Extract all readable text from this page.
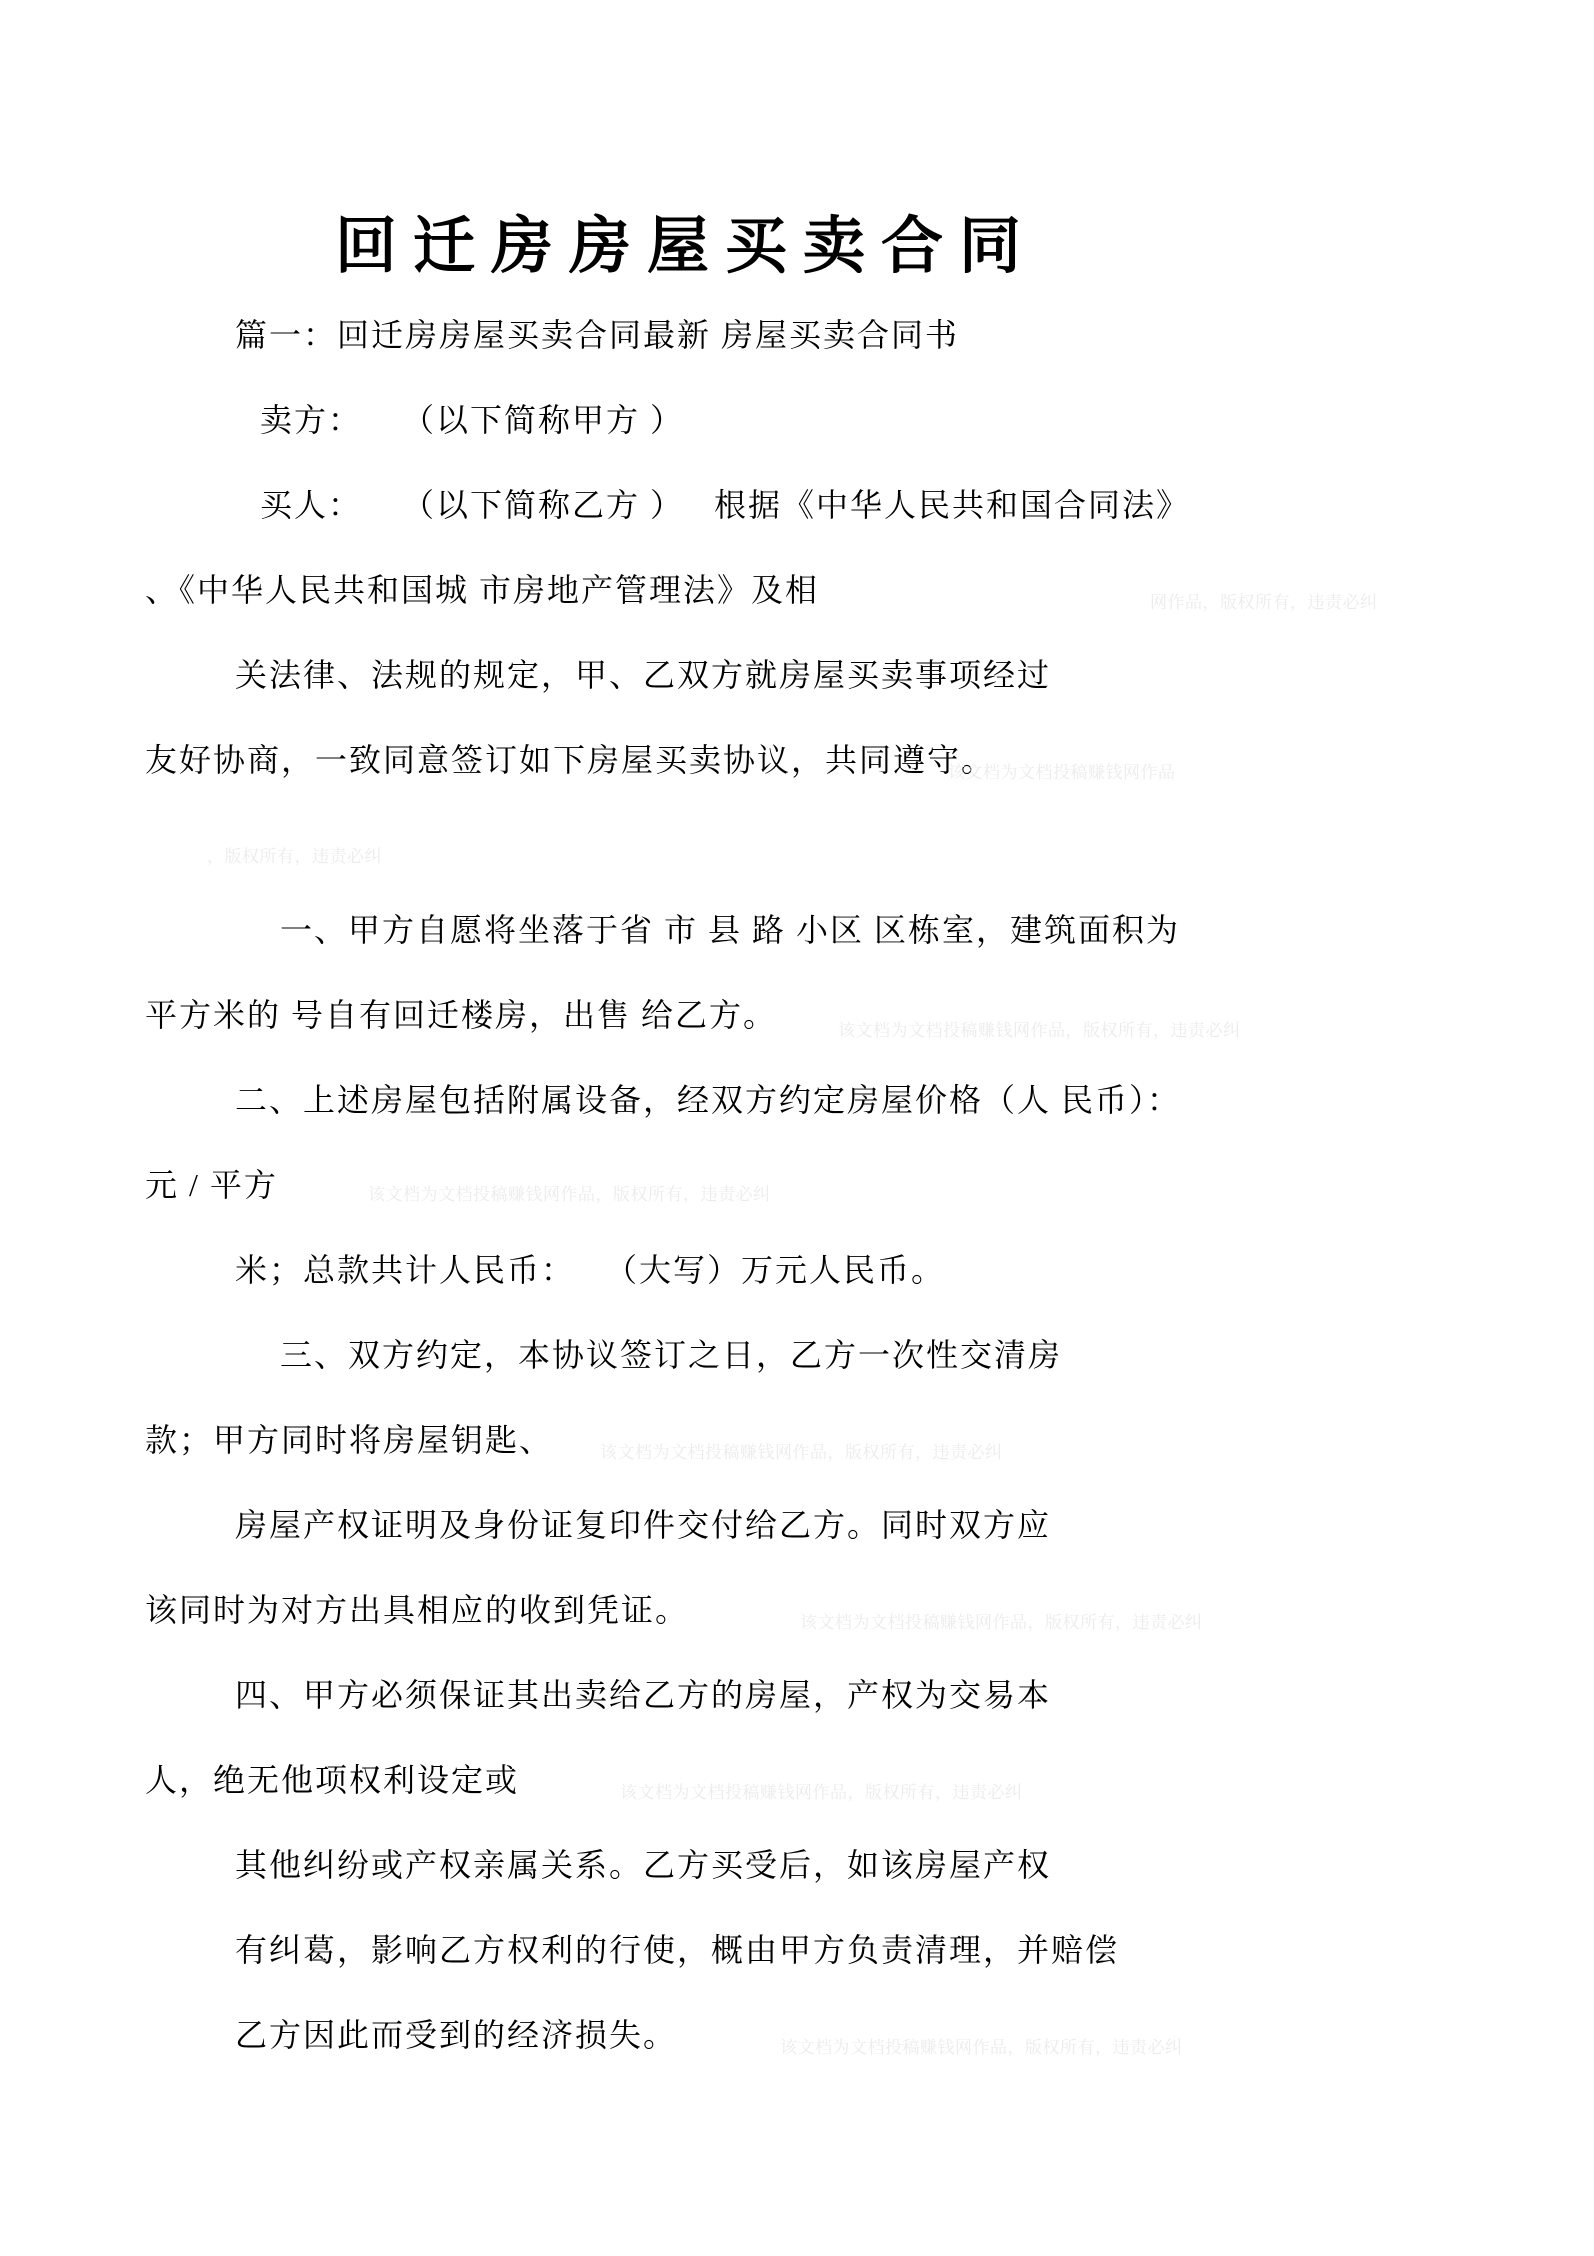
回迁房房屋买卖合同
篇一：回迁房房屋买卖合同最新 房屋买卖合同书
卖方：    （以下简称甲方 ）
买人：    （以下简称乙方 ）   根据《中华人民共和国合同法》
、《中华人民共和国城 市房地产管理法》及相
关法律、法规的规定，甲、乙双方就房屋买卖事项经过
友好协商，一致同意签订如下房屋买卖协议，共同遵守。
一、甲方自愿将坐落于省 市 县 路 小区 区栋室，建筑面积为
平方米的 号自有回迁楼房，出售 给乙方。
二、上述房屋包括附属设备，经双方约定房屋价格（人 民币）：
元 / 平方
米；总款共计人民币：   （大写）万元人民币。
三、双方约定，本协议签订之日，乙方一次性交清房
款；甲方同时将房屋钥匙、
房屋产权证明及身份证复印件交付给乙方。同时双方应
该同时为对方出具相应的收到凭证。
四、甲方必须保证其出卖给乙方的房屋，产权为交易本
人，绝无他项权利设定或
其他纠纷或产权亲属关系。乙方买受后，如该房屋产权
有纠葛，影响乙方权利的行使，概由甲方负责清理，并赔偿
乙方因此而受到的经济损失。
网作品，版权所有，违责必纠
该文档为文档投稿赚钱网作品
，版权所有，违责必纠
该文档为文档投稿赚钱网作品，版权所有，违责必纠
该文档为文档投稿赚钱网作品，版权所有，违责必纠
该文档为文档投稿赚钱网作品，版权所有，违责必纠
该文档为文档投稿赚钱网作品，版权所有，违责必纠
该文档为文档投稿赚钱网作品，版权所有，违责必纠
该文档为文档投稿赚钱网作品，版权所有，违责必纠
